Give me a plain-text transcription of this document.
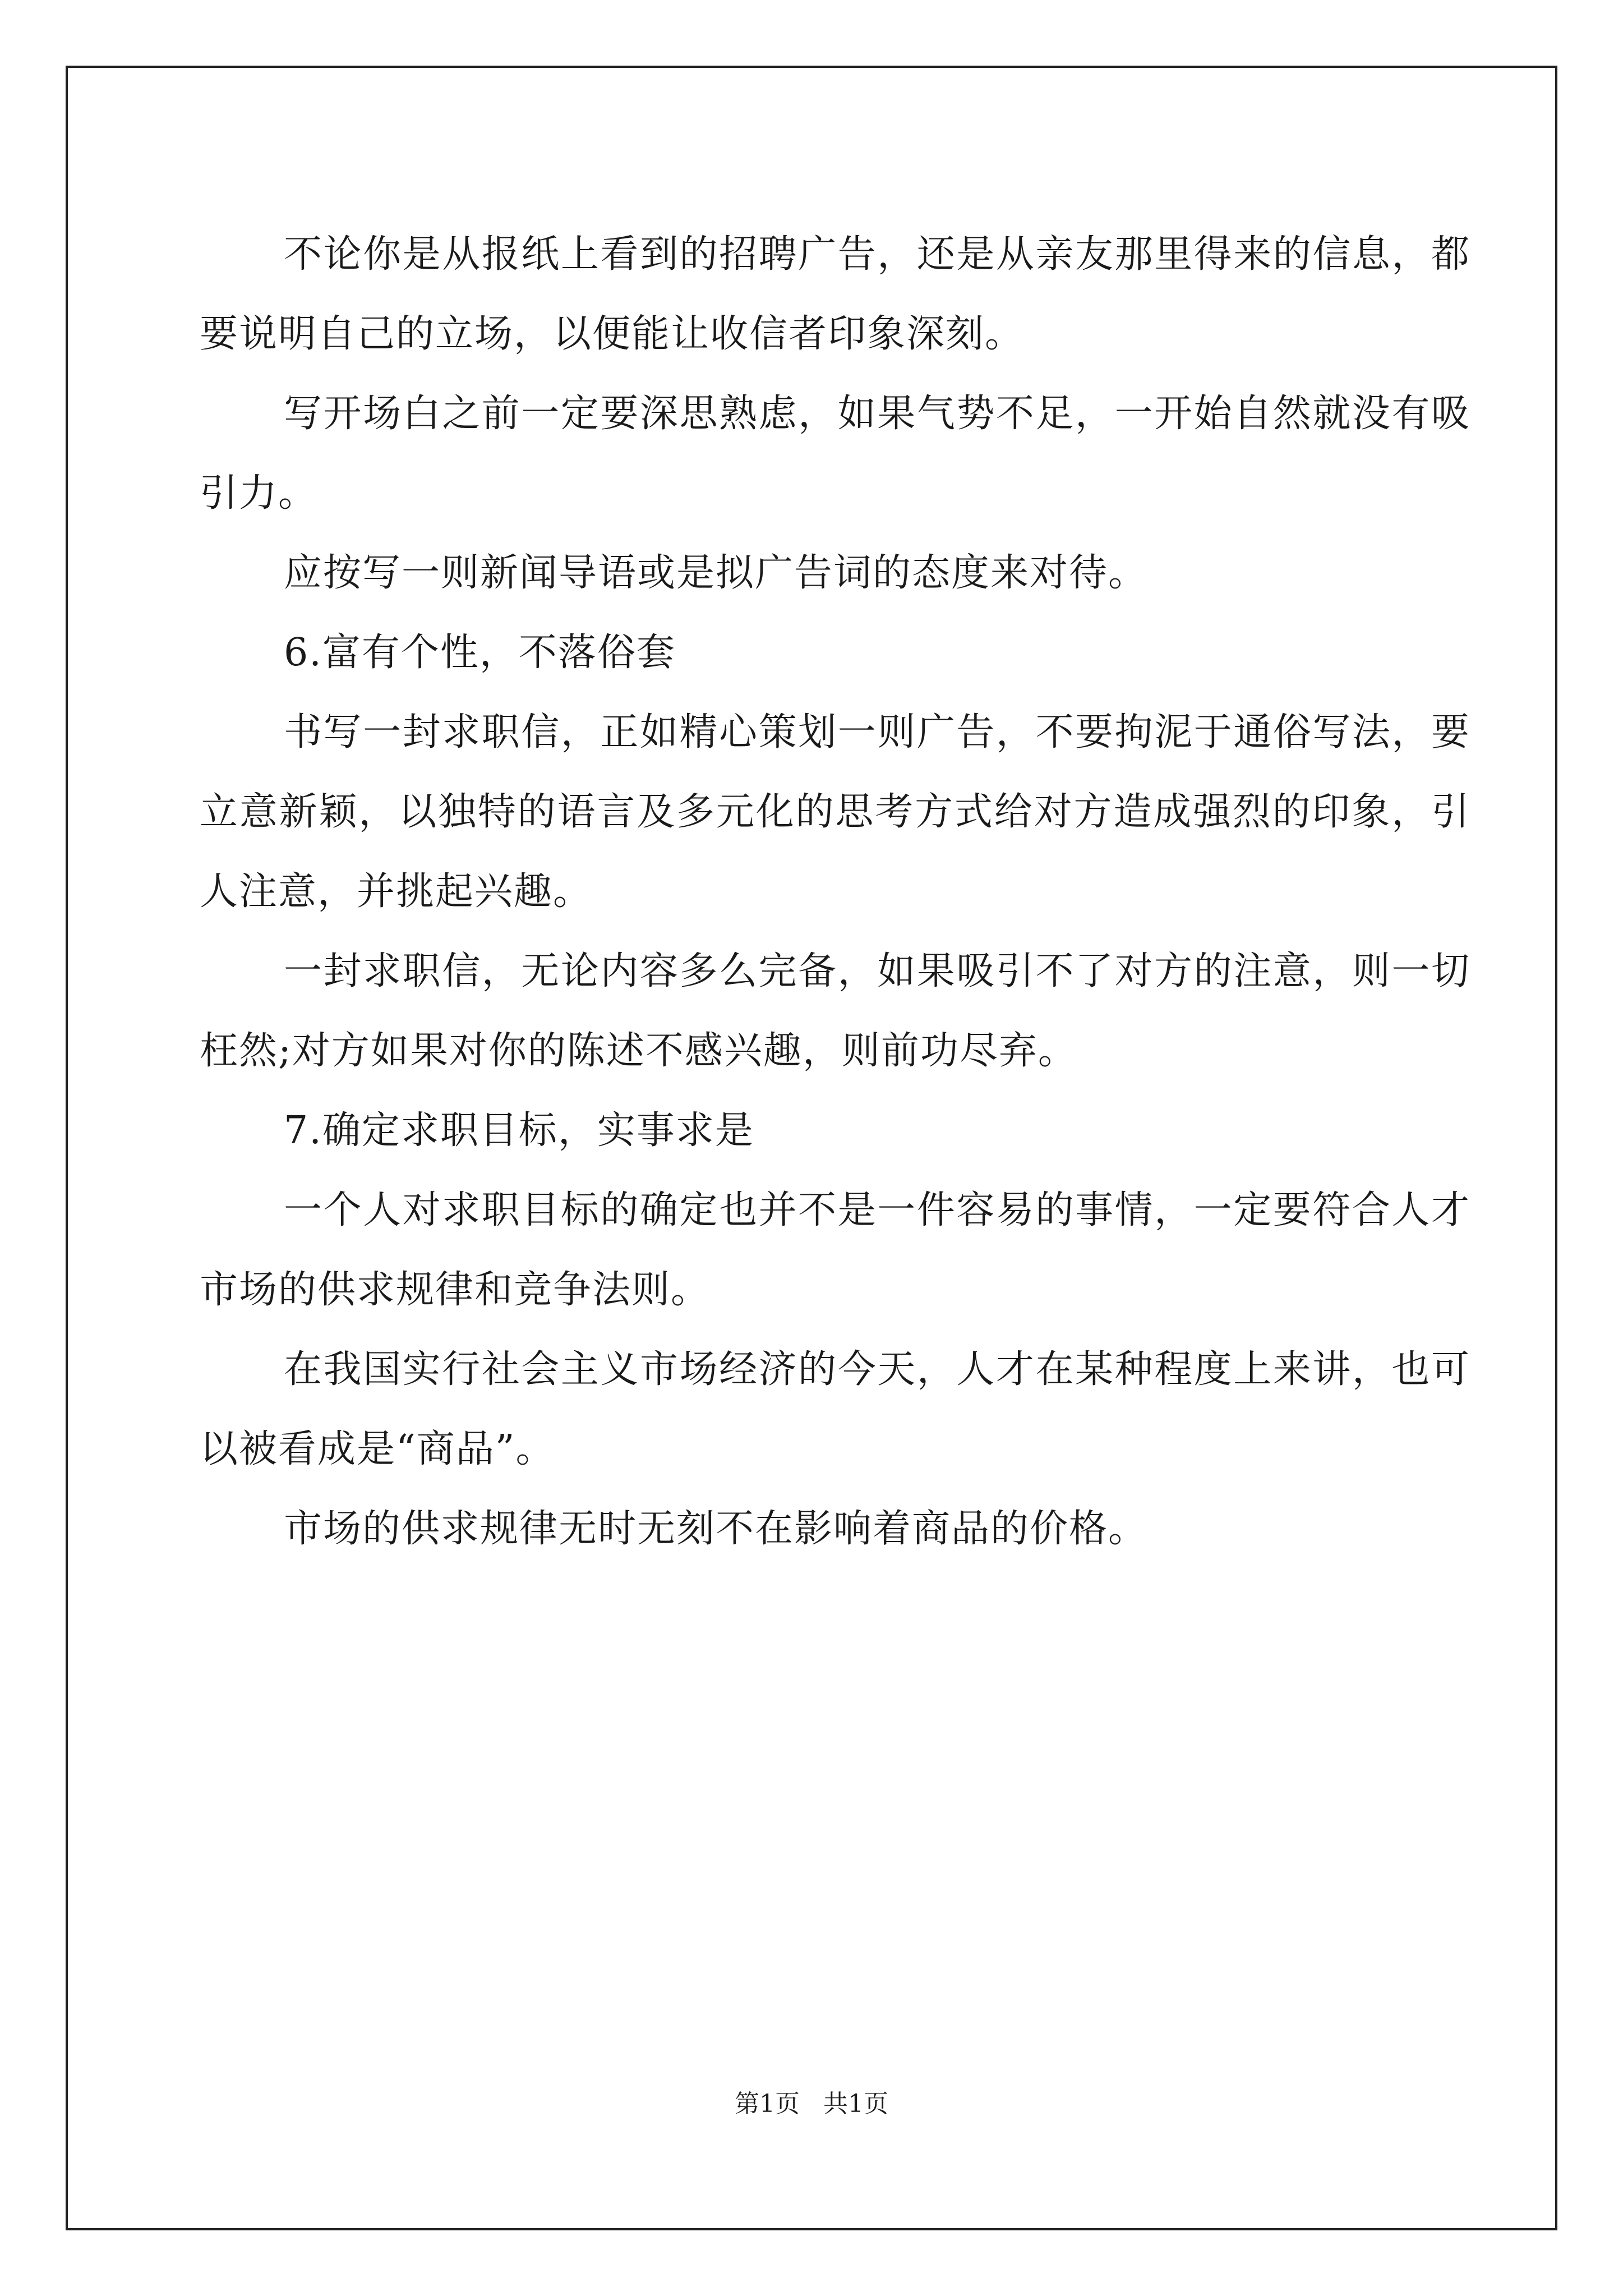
不论你是从报纸上看到的招聘广告，还是从亲友那里得来的信息，都要说明自己的立场，以便能让收信者印象深刻。

写开场白之前一定要深思熟虑，如果气势不足，一开始自然就没有吸引力。

应按写一则新闻导语或是拟广告词的态度来对待。

6.富有个性，不落俗套

书写一封求职信，正如精心策划一则广告，不要拘泥于通俗写法，要立意新颖，以独特的语言及多元化的思考方式给对方造成强烈的印象，引人注意，并挑起兴趣。

一封求职信，无论内容多么完备，如果吸引不了对方的注意，则一切枉然;对方如果对你的陈述不感兴趣，则前功尽弃。

7.确定求职目标，实事求是

一个人对求职目标的确定也并不是一件容易的事情，一定要符合人才市场的供求规律和竞争法则。

在我国实行社会主义市场经济的今天，人才在某种程度上来讲，也可以被看成是“商品”。

市场的供求规律无时无刻不在影响着商品的价格。

第1页 共1页
